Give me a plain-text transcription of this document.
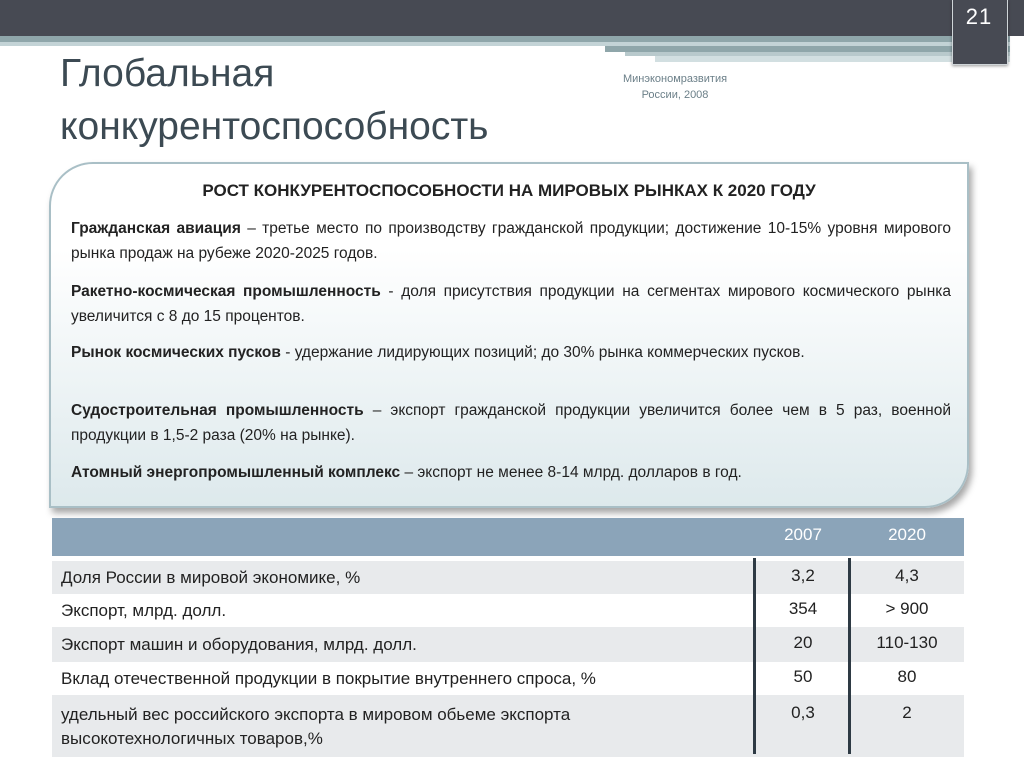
21
Глобальная конкурентоспособность
Минэкономразвития
России, 2008
РОСТ КОНКУРЕНТОСПОСОБНОСТИ НА МИРОВЫХ РЫНКАХ К 2020 ГОДУ
Гражданская авиация – третье место по производству гражданской продукции; достижение 10-15% уровня мирового рынка продаж на рубеже 2020-2025 годов.
Ракетно-космическая промышленность - доля присутствия продукции на сегментах мирового космического рынка увеличится с 8 до 15 процентов.
Рынок космических пусков - удержание лидирующих позиций; до 30% рынка коммерческих пусков.
Судостроительная промышленность – экспорт гражданской продукции увеличится более чем в 5 раз, военной продукции в 1,5-2 раза (20% на рынке).
Атомный энергопромышленный комплекс – экспорт не менее 8-14 млрд. долларов в год.
2007	2020
Доля России в мировой экономике, %	3,2	4,3
Экспорт, млрд. долл.	354	> 900
Экспорт машин и оборудования, млрд. долл.	20	110-130
Вклад отечественной продукции в покрытие внутреннего спроса, %	50	80
удельный вес российского экспорта в мировом обьеме экспорта
высокотехнологичных товаров,%
0,3	2
